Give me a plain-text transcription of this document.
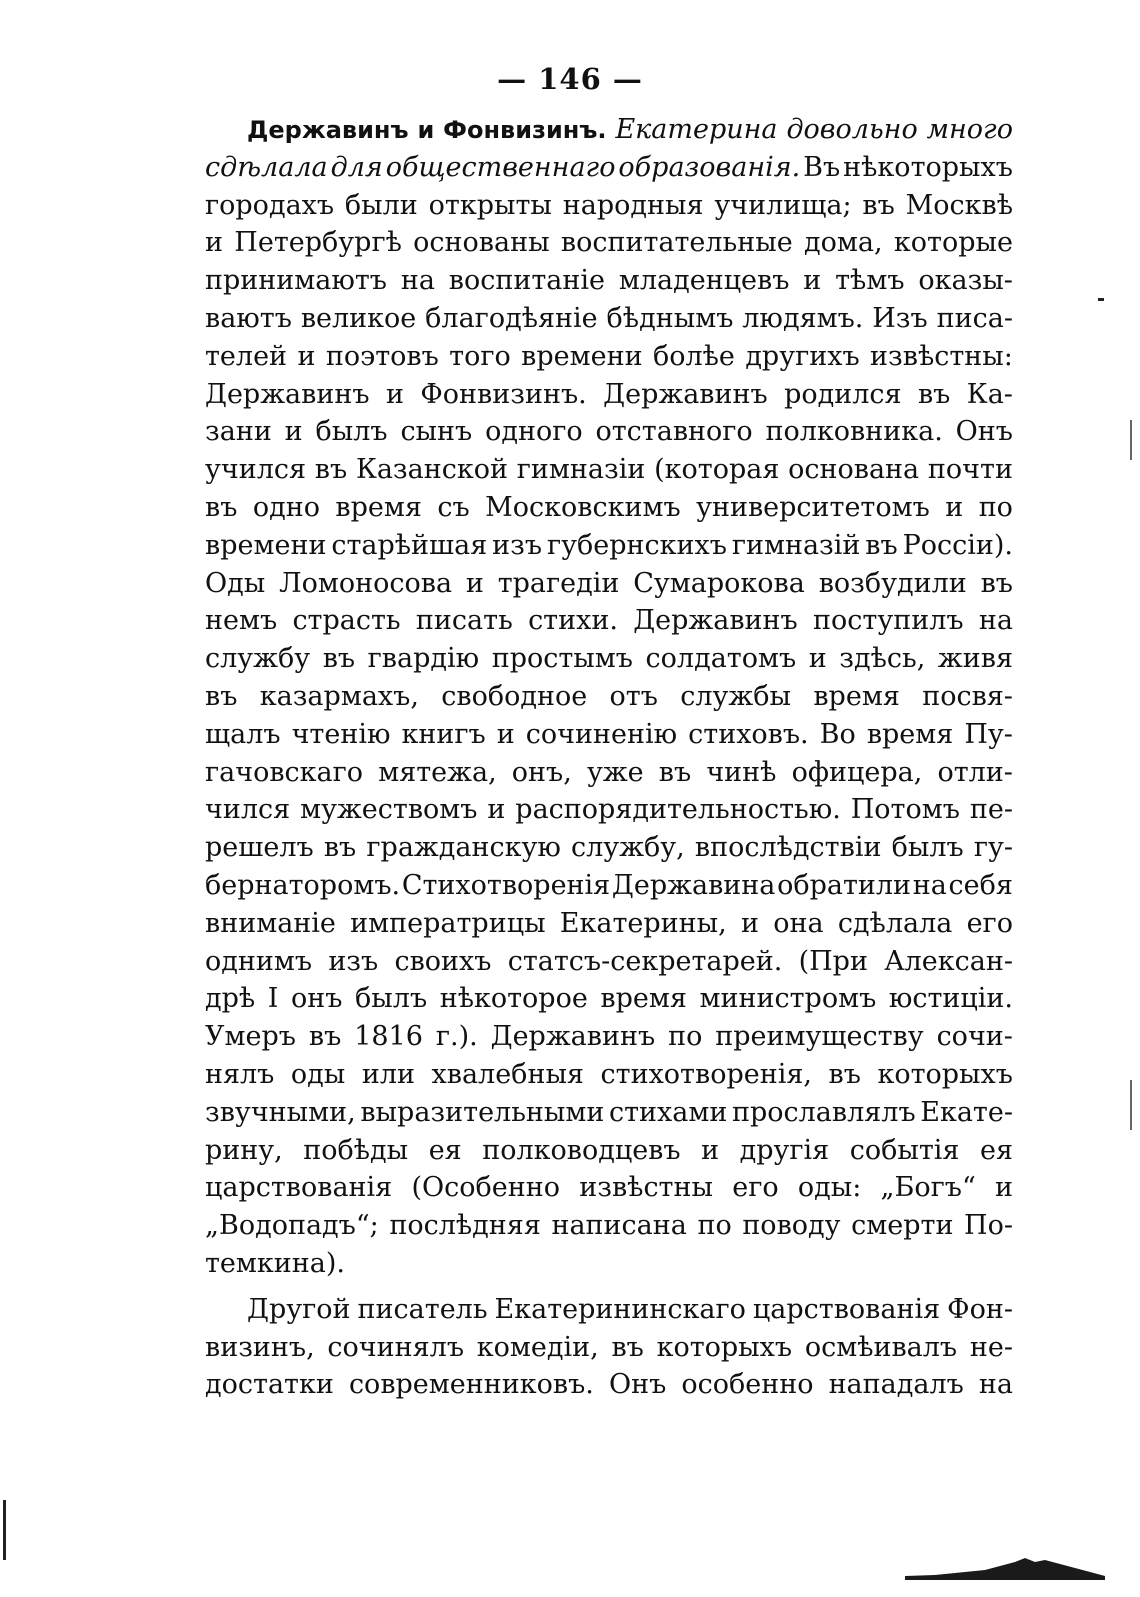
— 146 —
Державинъ и Фонвизинъ. Екатерина довольно много
сдѣлала для общественнаго образованія. Въ нѣкоторыхъ
городахъ были открыты народныя училища; въ Москвѣ
и Петербургѣ основаны воспитательные дома, которые
принимаютъ на воспитаніе младенцевъ и тѣмъ оказы-
ваютъ великое благодѣяніе бѣднымъ людямъ. Изъ писа-
телей и поэтовъ того времени болѣе другихъ извѣстны:
Державинъ и Фонвизинъ. Державинъ родился въ Ка-
зани и былъ сынъ одного отставного полковника. Онъ
учился въ Казанской гимназіи (которая основана почти
въ одно время съ Московскимъ университетомъ и по
времени старѣйшая изъ губернскихъ гимназій въ Россіи).
Оды Ломоносова и трагедіи Сумарокова возбудили въ
немъ страсть писать стихи. Державинъ поступилъ на
службу въ гвардію простымъ солдатомъ и здѣсь, живя
въ казармахъ, свободное отъ службы время посвя-
щалъ чтенію книгъ и сочиненію стиховъ. Во время Пу-
гачовскаго мятежа, онъ, уже въ чинѣ офицера, отли-
чился мужествомъ и распорядительностью. Потомъ пе-
решелъ въ гражданскую службу, впослѣдствіи былъ гу-
бернаторомъ. Стихотворенія Державина обратили на себя
вниманіе императрицы Екатерины, и она сдѣлала его
однимъ изъ своихъ статсъ-секретарей. (При Алексан-
дрѣ I онъ былъ нѣкоторое время министромъ юстиціи.
Умеръ въ 1816 г.). Державинъ по преимуществу сочи-
нялъ оды или хвалебныя стихотворенія, въ которыхъ
звучными, выразительными стихами прославлялъ Екате-
рину, побѣды ея полководцевъ и другія событія ея
царствованія (Особенно извѣстны его оды: „Богъ“ и
„Водопадъ“; послѣдняя написана по поводу смерти По-
темкина).
Другой писатель Екатерининскаго царствованія Фон-
визинъ, сочинялъ комедіи, въ которыхъ осмѣивалъ не-
достатки современниковъ. Онъ особенно нападалъ на
